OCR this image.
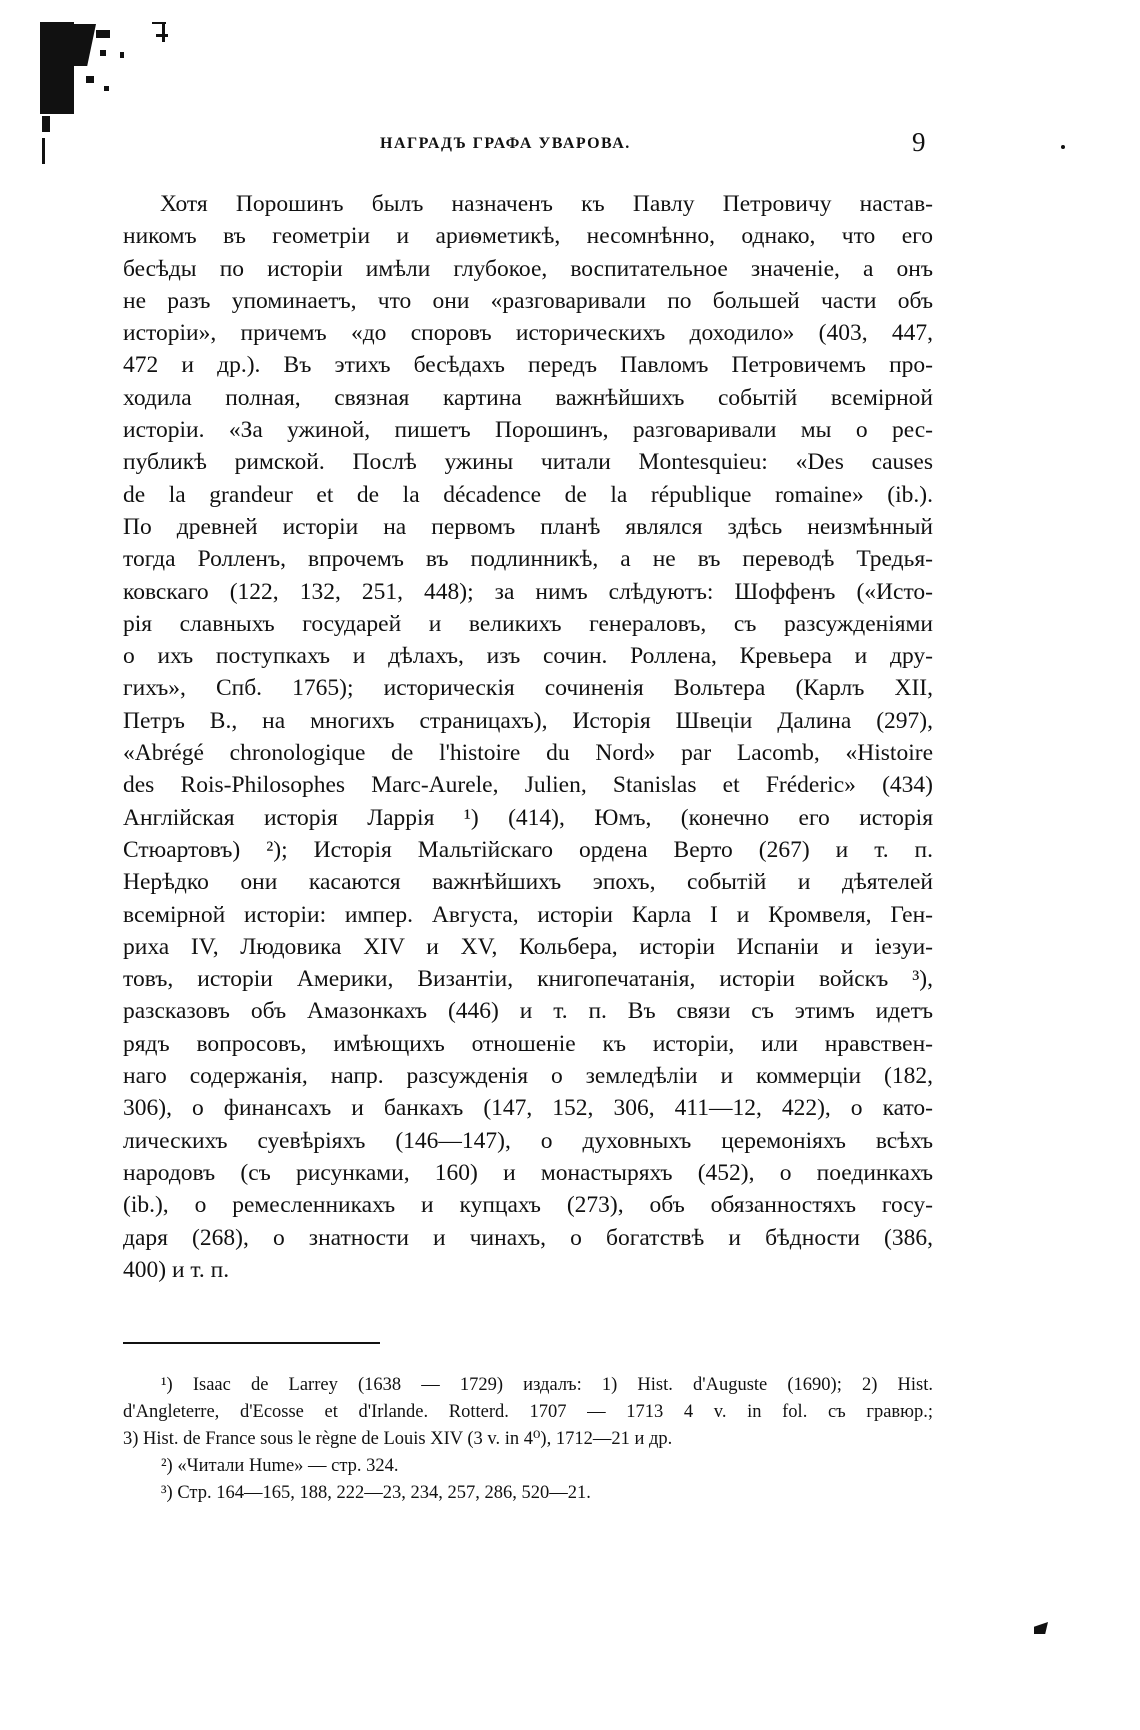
НАГРАДЪ ГРАФА УВАРОВА.	9
Хотя Порошинъ былъ назначенъ къ Павлу Петровичу настав-
никомъ въ геометріи и ариѳметикѣ, несомнѣнно, однако, что его
бесѣды по исторіи имѣли глубокое, воспитательное значеніе, а онъ
не разъ упоминаетъ, что они «разговаривали по большей части объ
исторіи», причемъ «до споровъ историческихъ доходило» (403, 447,
472 и др.). Въ этихъ бесѣдахъ передъ Павломъ Петровичемъ про-
ходила полная, связная картина важнѣйшихъ событій всемірной
исторіи. «За ужиной, пишетъ Порошинъ, разговаривали мы о рес-
публикѣ римской. Послѣ ужины читали Montesquieu: «Des causes
de la grandeur et de la décadence de la république romaine» (ib.).
По древней исторіи на первомъ планѣ являлся здѣсь неизмѣнный
тогда Ролленъ, впрочемъ въ подлинникѣ, а не въ переводѣ Тредья-
ковскаго (122, 132, 251, 448); за нимъ слѣдуютъ: Шоффенъ («Исто-
рія славныхъ государей и великихъ генераловъ, съ разсужденіями
о ихъ поступкахъ и дѣлахъ, изъ сочин. Роллена, Кревьера и дру-
гихъ», Спб. 1765); историческія сочиненія Вольтера (Карлъ XII,
Петръ В., на многихъ страницахъ), Исторія Швеціи Далина (297),
«Abrégé chronologique de l'histoire du Nord» par Lacomb, «Histoire
des Rois-Philosophes Marc-Aurele, Julien, Stanislas et Fréderic» (434)
Англійская исторія Ларрія ¹) (414), Юмъ, (конечно его исторія
Стюартовъ) ²); Исторія Мальтійскаго ордена Верто (267) и т. п.
Нерѣдко они касаются важнѣйшихъ эпохъ, событій и дѣятелей
всемірной исторіи: импер. Августа, исторіи Карла I и Кромвеля, Ген-
риха IV, Людовика XIV и XV, Кольбера, исторіи Испаніи и іезуи-
товъ, исторіи Америки, Византіи, книгопечатанія, исторіи войскъ ³),
разсказовъ объ Амазонкахъ (446) и т. п. Въ связи съ этимъ идетъ
рядъ вопросовъ, имѣющихъ отношеніе къ исторіи, или нравствен-
наго содержанія, напр. разсужденія о земледѣліи и коммерціи (182,
306), о финансахъ и банкахъ (147, 152, 306, 411—12, 422), о като-
лическихъ суевѣріяхъ (146—147), о духовныхъ церемоніяхъ всѣхъ
народовъ (съ рисунками, 160) и монастыряхъ (452), о поединкахъ
(ib.), о ремесленникахъ и купцахъ (273), объ обязанностяхъ госу-
даря (268), о знатности и чинахъ, о богатствѣ и бѣдности (386,
400) и т. п.
¹) Isaac de Larrey (1638 — 1729) издалъ: 1) Hist. d'Auguste (1690); 2) Hist.
d'Angleterre, d'Ecosse et d'Irlande. Rotterd. 1707 — 1713 4 v. in fol. съ гравюр.;
3) Hist. de France sous le règne de Louis XIV (3 v. in 4⁰), 1712—21 и др.
²) «Читали Hume» — стр. 324.
³) Стр. 164—165, 188, 222—23, 234, 257, 286, 520—21.
